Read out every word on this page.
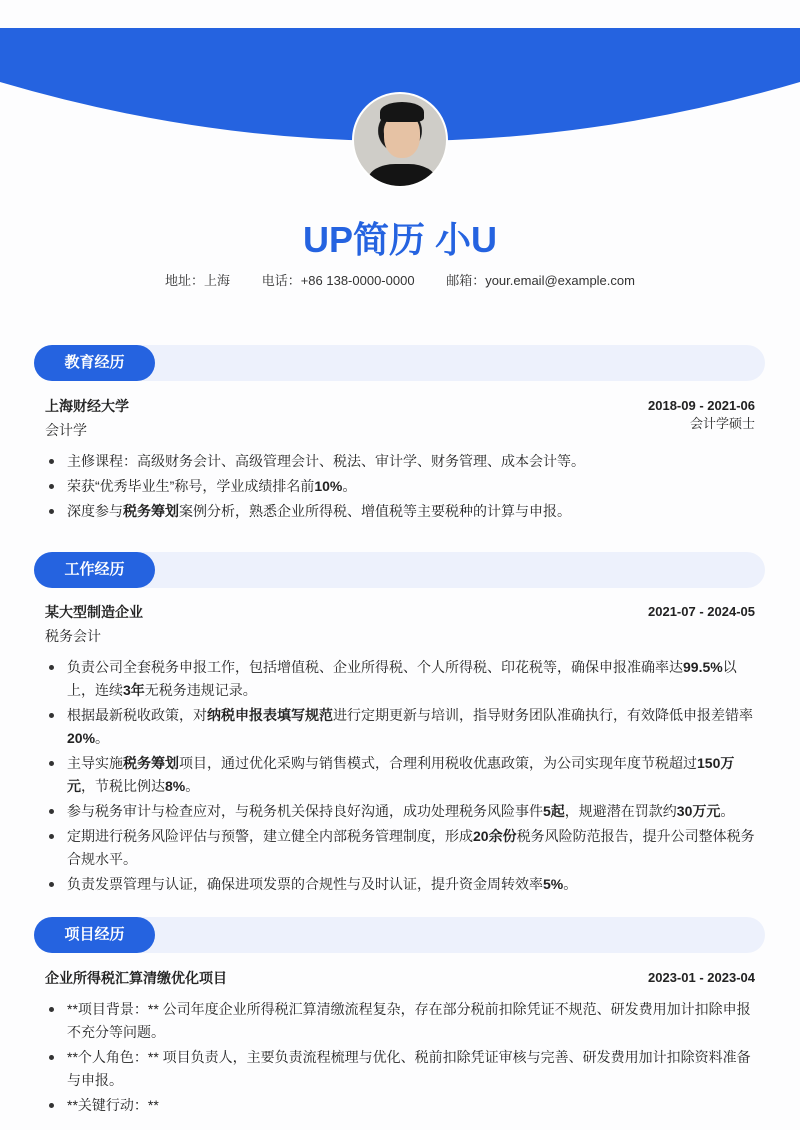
UP简历 小U
地址：上海 电话：+86 138-0000-0000 邮箱：your.email@example.com
教育经历
上海财经大学	2018-09 - 2021-06
会计学	会计学硕士
主修课程：高级财务会计、高级管理会计、税法、审计学、财务管理、成本会计等。
荣获“优秀毕业生”称号，学业成绩排名前10%。
深度参与税务筹划案例分析，熟悉企业所得税、增值税等主要税种的计算与申报。
工作经历
某大型制造企业	2021-07 - 2024-05
税务会计
负责公司全套税务申报工作，包括增值税、企业所得税、个人所得税、印花税等，确保申报准确率达99.5%以上，连续3年无税务违规记录。
根据最新税收政策，对纳税申报表填写规范进行定期更新与培训，指导财务团队准确执行，有效降低申报差错率20%。
主导实施税务筹划项目，通过优化采购与销售模式，合理利用税收优惠政策，为公司实现年度节税超过150万元，节税比例达8%。
参与税务审计与检查应对，与税务机关保持良好沟通，成功处理税务风险事件5起，规避潜在罚款约30万元。
定期进行税务风险评估与预警，建立健全内部税务管理制度，形成20余份税务风险防范报告，提升公司整体税务合规水平。
负责发票管理与认证，确保进项发票的合规性与及时认证，提升资金周转效率5%。
项目经历
企业所得税汇算清缴优化项目	2023-01 - 2023-04
**项目背景：** 公司年度企业所得税汇算清缴流程复杂，存在部分税前扣除凭证不规范、研发费用加计扣除申报不充分等问题。
**个人角色：** 项目负责人，主要负责流程梳理与优化、税前扣除凭证审核与完善、研发费用加计扣除资料准备与申报。
**关键行动：**
